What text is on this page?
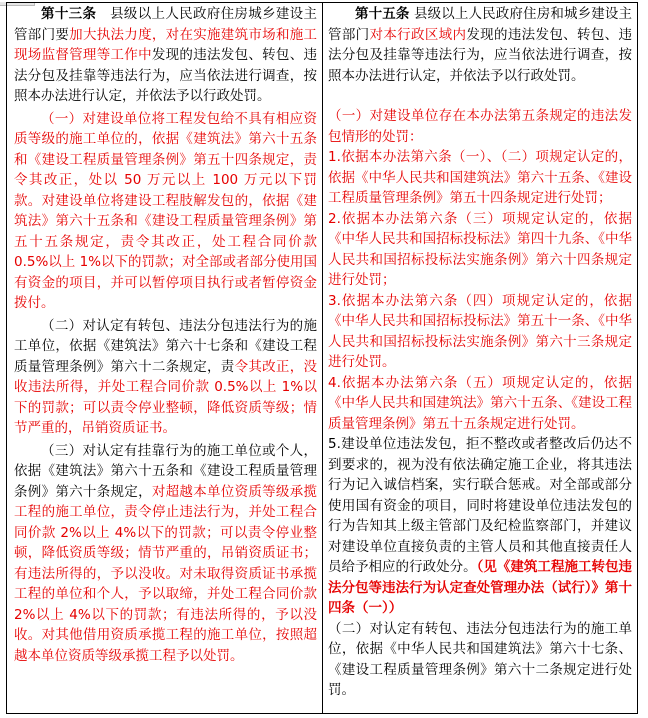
第十三条　县级以上人民政府住房城乡建设主管部门要加大执法力度，对在实施建筑市场和施工现场监督管理等工作中发现的违法发包、转包、违法分包及挂靠等违法行为，应当依法进行调查，按照本办法进行认定，并依法予以行政处罚。

（一）对建设单位将工程发包给不具有相应资质等级的施工单位的，依据《建筑法》第六十五条和《建设工程质量管理条例》第五十四条规定，责令其改正，处以 50 万元以上 100 万元以下罚款。对建设单位将建设工程肢解发包的，依据《建筑法》第六十五条和《建设工程质量管理条例》第五十五条规定，责令其改正，处工程合同价款 0.5%以上 1%以下的罚款；对全部或者部分使用国有资金的项目，并可以暂停项目执行或者暂停资金拨付。

（二）对认定有转包、违法分包违法行为的施工单位，依据《建筑法》第六十七条和《建设工程质量管理条例》第六十二条规定，责令其改正，没收违法所得，并处工程合同价款 0.5%以上 1%以下的罚款；可以责令停业整顿，降低资质等级；情节严重的，吊销资质证书。

（三）对认定有挂靠行为的施工单位或个人，依据《建筑法》第六十五条和《建设工程质量管理条例》第六十条规定，对超越本单位资质等级承揽工程的施工单位，责令停止违法行为，并处工程合同价款 2%以上 4%以下的罚款；可以责令停业整顿，降低资质等级；情节严重的，吊销资质证书；有违法所得的，予以没收。对未取得资质证书承揽工程的单位和个人，予以取缔，并处工程合同价款 2%以上 4%以下的罚款；有违法所得的，予以没收。对其他借用资质承揽工程的施工单位，按照超越本单位资质等级承揽工程予以处罚。

第十五条 县级以上人民政府住房和城乡建设主管部门对本行政区域内发现的违法发包、转包、违法分包及挂靠等违法行为，应当依法进行调查，按照本办法进行认定，并依法予以行政处罚。

（一）对建设单位存在本办法第五条规定的违法发包情形的处罚：

1.依据本办法第六条（一）、（二）项规定认定的，依据《中华人民共和国建筑法》第六十五条、《建设工程质量管理条例》第五十四条规定进行处罚；

2.依据本办法第六条（三）项规定认定的，依据《中华人民共和国招标投标法》第四十九条、《中华人民共和国招标投标法实施条例》第六十四条规定进行处罚；

3.依据本办法第六条（四）项规定认定的，依据《中华人民共和国招标投标法》第五十一条、《中华人民共和国招标投标法实施条例》第六十三条规定进行处罚。

4.依据本办法第六条（五）项规定认定的，依据《中华人民共和国建筑法》第六十五条、《建设工程质量管理条例》第五十五条规定进行处罚。

5.建设单位违法发包，拒不整改或者整改后仍达不到要求的，视为没有依法确定施工企业，将其违法行为记入诚信档案，实行联合惩戒。对全部或部分使用国有资金的项目，同时将建设单位违法发包的行为告知其上级主管部门及纪检监察部门，并建议对建设单位直接负责的主管人员和其他直接责任人员给予相应的行政处分。（见《建筑工程施工转包违法分包等违法行为认定查处管理办法（试行）》第十四条（一））

（二）对认定有转包、违法分包违法行为的施工单位，依据《中华人民共和国建筑法》第六十七条、《建设工程质量管理条例》第六十二条规定进行处罚。
